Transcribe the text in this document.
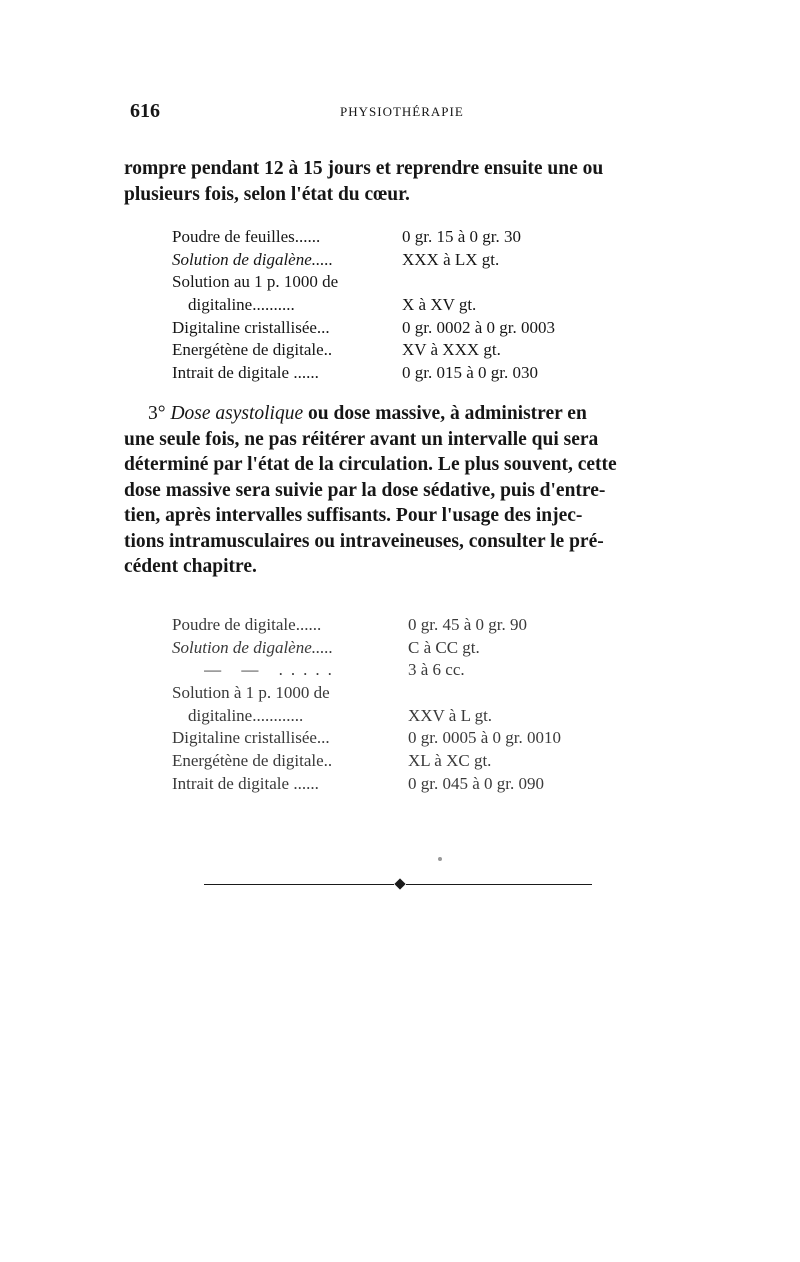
616	PHYSIOTHÉRAPIE
rompre pendant 12 à 15 jours et reprendre ensuite une ou
plusieurs fois, selon l'état du cœur.
Poudre de feuilles......	0 gr. 15 à 0 gr. 30
Solution de digalène.....	XXX à LX gt.
Solution au 1 p. 1000 de
digitaline..........	X à XV gt.
Digitaline cristallisée...	0 gr. 0002 à 0 gr. 0003
Energétène de digitale..	XV à XXX gt.
Intrait de digitale ......	0 gr. 015 à 0 gr. 030
3° Dose asystolique ou dose massive, à administrer en
une seule fois, ne pas réitérer avant un intervalle qui sera
déterminé par l'état de la circulation. Le plus souvent, cette
dose massive sera suivie par la dose sédative, puis d'entre-
tien, après intervalles suffisants. Pour l'usage des injec-
tions intramusculaires ou intraveineuses, consulter le pré-
cédent chapitre.
Poudre de digitale......	0 gr. 45 à 0 gr. 90
Solution de digalène.....	C à CC gt.
— — .....	3 à 6 cc.
Solution à 1 p. 1000 de
digitaline............	XXV à L gt.
Digitaline cristallisée...	0 gr. 0005 à 0 gr. 0010
Energétène de digitale..	XL à XC gt.
Intrait de digitale ......	0 gr. 045 à 0 gr. 090
